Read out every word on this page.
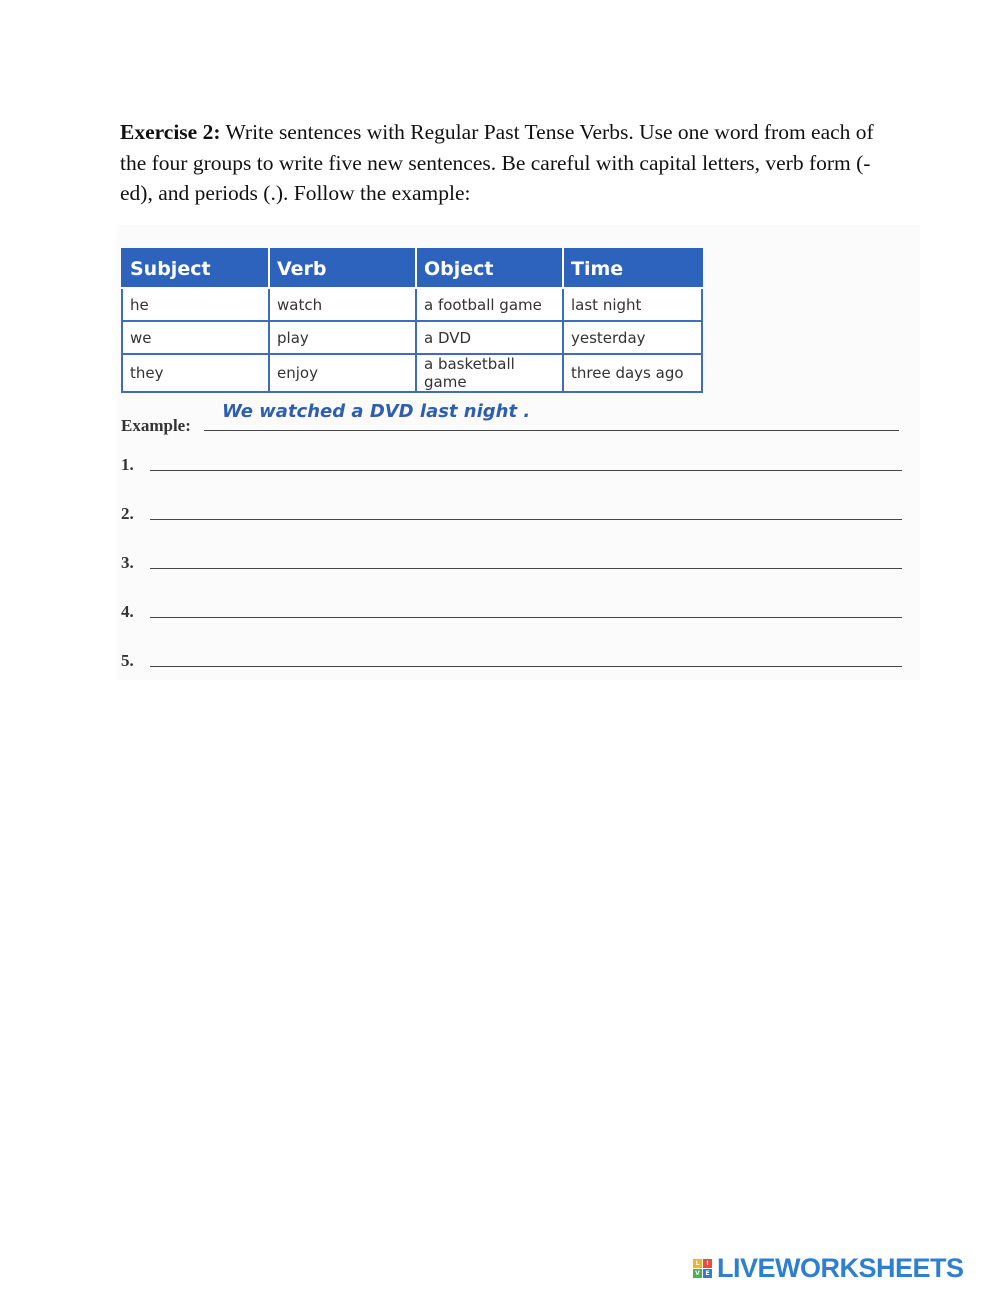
Exercise 2: Write sentences with Regular Past Tense Verbs. Use one word from each of the four groups to write five new sentences. Be careful with capital letters, verb form (-ed), and periods (.). Follow the example:
Subject	Verb	Object	Time
he	watch	a football game	last night
we	play	a DVD	yesterday
they	enjoy	a basketball game	three days ago
Example:
We watched a DVD last night .
1.
2.
3.
4.
5.
L	I
V E LIVEWORKSHEETS
